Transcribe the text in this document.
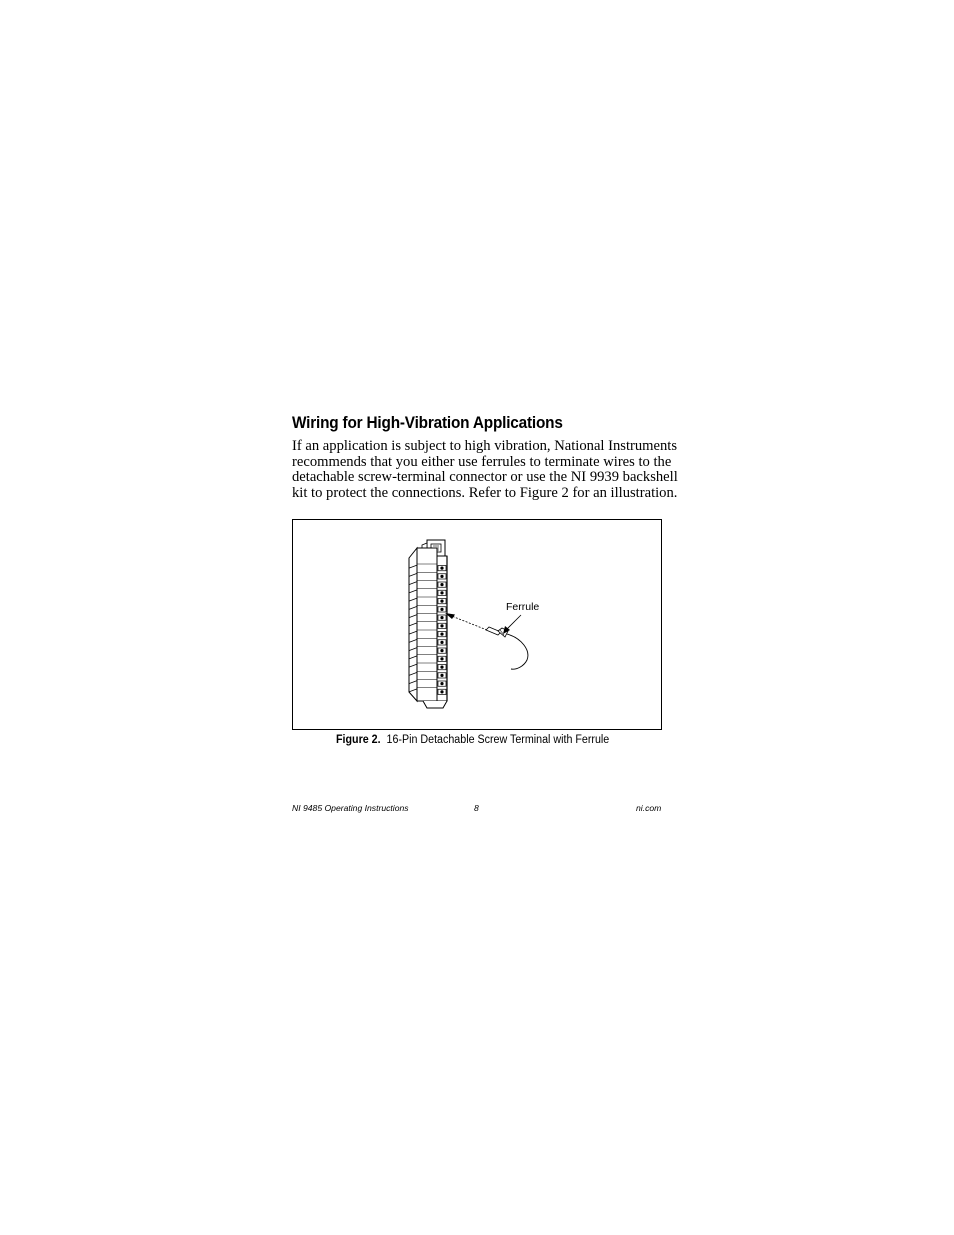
Wiring for High-Vibration Applications

If an application is subject to high vibration, National Instruments
recommends that you either use ferrules to terminate wires to the
detachable screw-terminal connector or use the NI 9939 backshell
kit to protect the connections. Refer to Figure 2 for an illustration.

Ferrule
Figure 2. 16-Pin Detachable Screw Terminal with Ferrule
NI 9485 Operating Instructions	8	ni.com
